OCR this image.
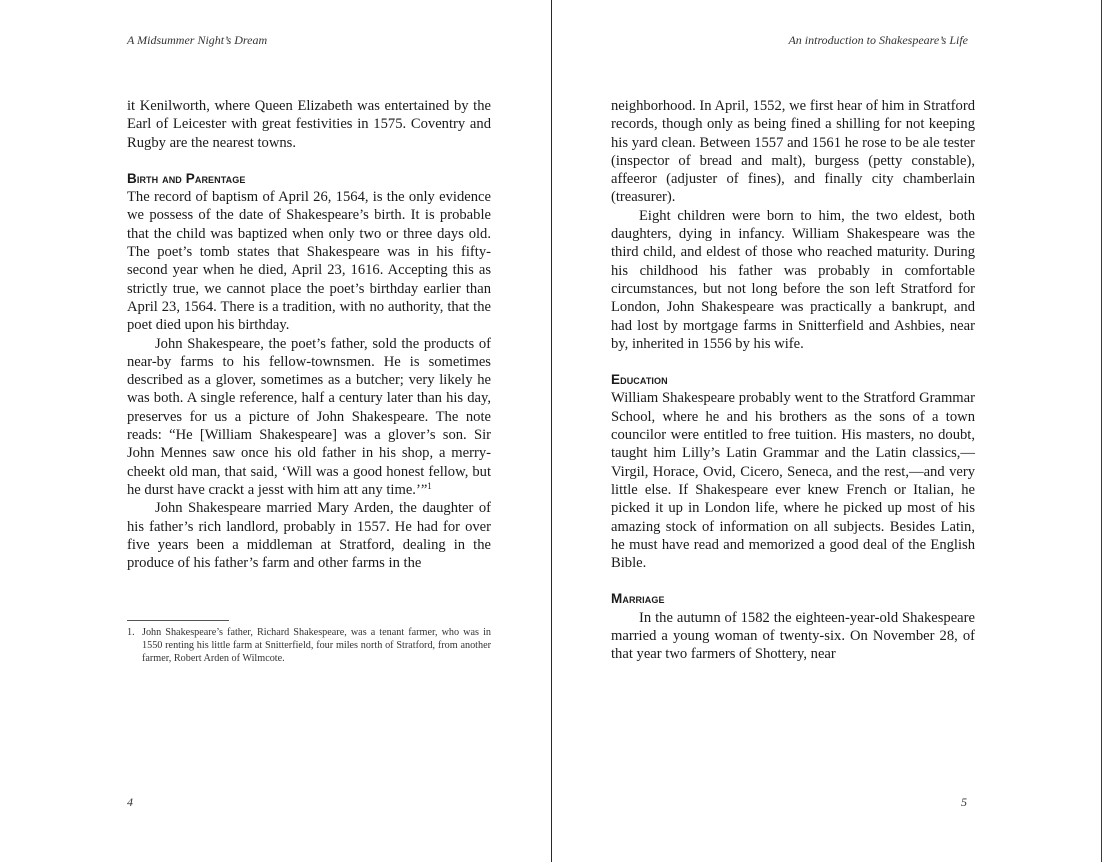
A Midsummer Night’s Dream

it Kenilworth, where Queen Elizabeth was entertained by the Earl of Leicester with great festivities in 1575. Coventry and Rugby are the nearest towns.

Birth and Parentage

The record of baptism of April 26, 1564, is the only evidence we possess of the date of Shakespeare’s birth. It is probable that the child was baptized when only two or three days old. The poet’s tomb states that Shakespeare was in his fifty-second year when he died, April 23, 1616. Accepting this as strictly true, we cannot place the poet’s birthday earlier than April 23, 1564. There is a tradition, with no authority, that the poet died upon his birthday.

John Shakespeare, the poet’s father, sold the products of near-by farms to his fellow-townsmen. He is sometimes described as a glover, sometimes as a butcher; very likely he was both. A single reference, half a century later than his day, preserves for us a picture of John Shakespeare. The note reads: “He [William Shakespeare] was a glover’s son. Sir John Mennes saw once his old father in his shop, a merry-cheekt old man, that said, ‘Will was a good honest fellow, but he durst have crackt a jesst with him att any time.’”$^1$

John Shakespeare married Mary Arden, the daughter of his father’s rich landlord, probably in 1557. He had for over five years been a middleman at Stratford, dealing in the produce of his father’s farm and other farms in the

1. John Shakespeare’s father, Richard Shakespeare, was a tenant farmer, who was in 1550 renting his little farm at Snitterfield, four miles north of Stratford, from another farmer, Robert Arden of Wilmcote.
4
An introduction to Shakespeare’s Life

neighborhood. In April, 1552, we first hear of him in Stratford records, though only as being fined a shilling for not keeping his yard clean. Between 1557 and 1561 he rose to be ale tester (inspector of bread and malt), burgess (petty constable), affeeror (adjuster of fines), and finally city chamberlain (treasurer).

Eight children were born to him, the two eldest, both daughters, dying in infancy. William Shakespeare was the third child, and eldest of those who reached maturity. During his childhood his father was probably in comfortable circumstances, but not long before the son left Stratford for London, John Shakespeare was practically a bankrupt, and had lost by mortgage farms in Snitterfield and Ashbies, near by, inherited in 1556 by his wife.

Education

William Shakespeare probably went to the Stratford Grammar School, where he and his brothers as the sons of a town councilor were entitled to free tuition. His masters, no doubt, taught him Lilly’s Latin Grammar and the Latin classics,—Virgil, Horace, Ovid, Cicero, Seneca, and the rest,—and very little else. If Shakespeare ever knew French or Italian, he picked it up in London life, where he picked up most of his amazing stock of information on all subjects. Besides Latin, he must have read and memorized a good deal of the English Bible.

Marriage

In the autumn of 1582 the eighteen-year-old Shakespeare married a young woman of twenty-six. On November 28, of that year two farmers of Shottery, near

5
